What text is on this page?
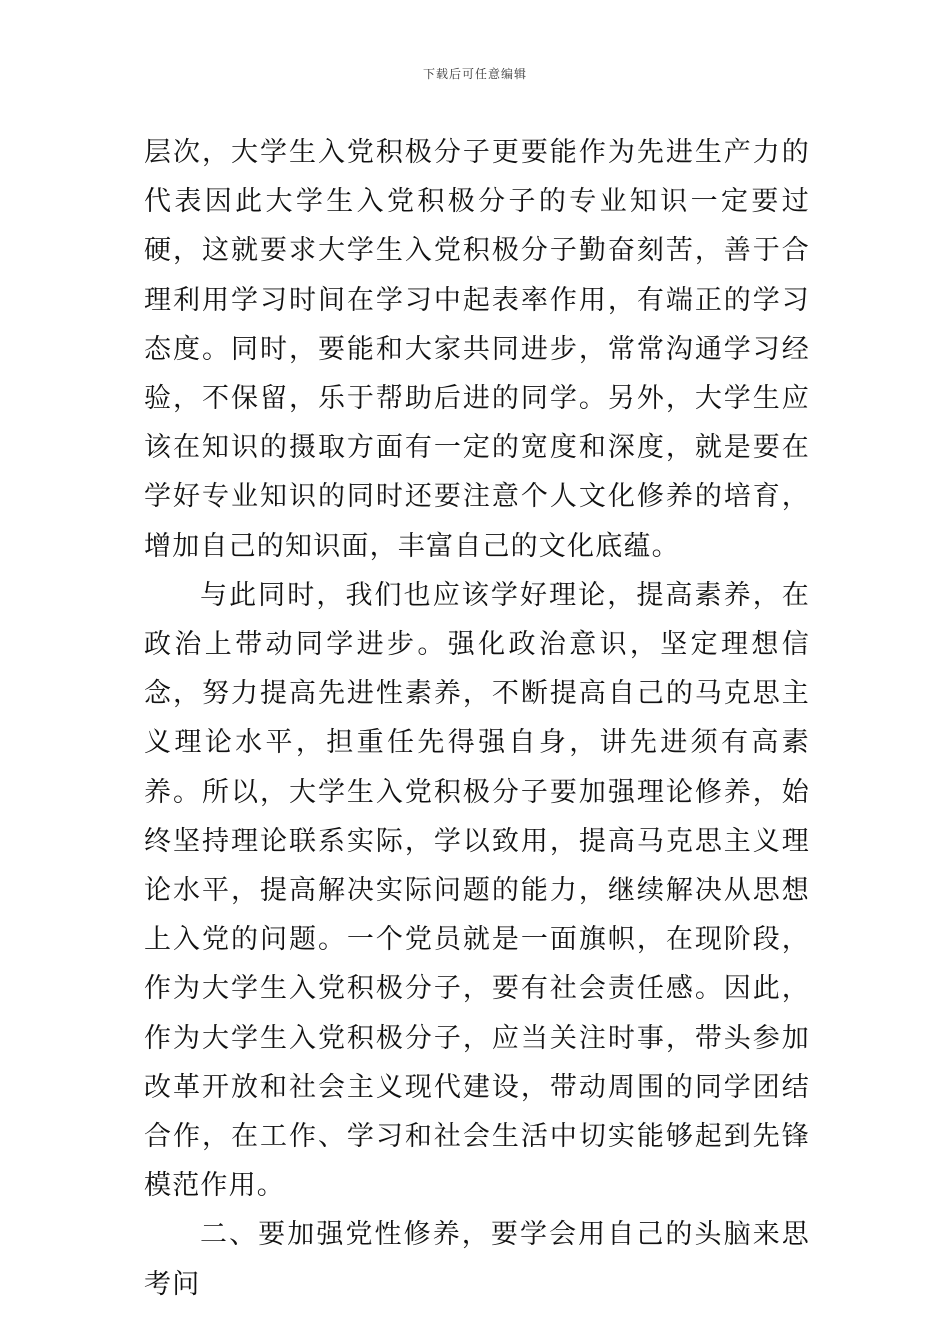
下载后可任意编辑

层次，大学生入党积极分子更要能作为先进生产力的代表因此大学生入党积极分子的专业知识一定要过硬，这就要求大学生入党积极分子勤奋刻苦，善于合理利用学习时间在学习中起表率作用，有端正的学习态度。同时，要能和大家共同进步，常常沟通学习经验，不保留，乐于帮助后进的同学。另外，大学生应该在知识的摄取方面有一定的宽度和深度，就是要在学好专业知识的同时还要注意个人文化修养的培育，增加自己的知识面，丰富自己的文化底蕴。

与此同时，我们也应该学好理论，提高素养，在政治上带动同学进步。强化政治意识，坚定理想信念，努力提高先进性素养，不断提高自己的马克思主义理论水平，担重任先得强自身，讲先进须有高素养。所以，大学生入党积极分子要加强理论修养，始终坚持理论联系实际，学以致用，提高马克思主义理论水平，提高解决实际问题的能力，继续解决从思想上入党的问题。一个党员就是一面旗帜，在现阶段，作为大学生入党积极分子，要有社会责任感。因此，作为大学生入党积极分子，应当关注时事，带头参加改革开放和社会主义现代建设，带动周围的同学团结合作，在工作、学习和社会生活中切实能够起到先锋模范作用。

二、要加强党性修养，要学会用自己的头脑来思考问
